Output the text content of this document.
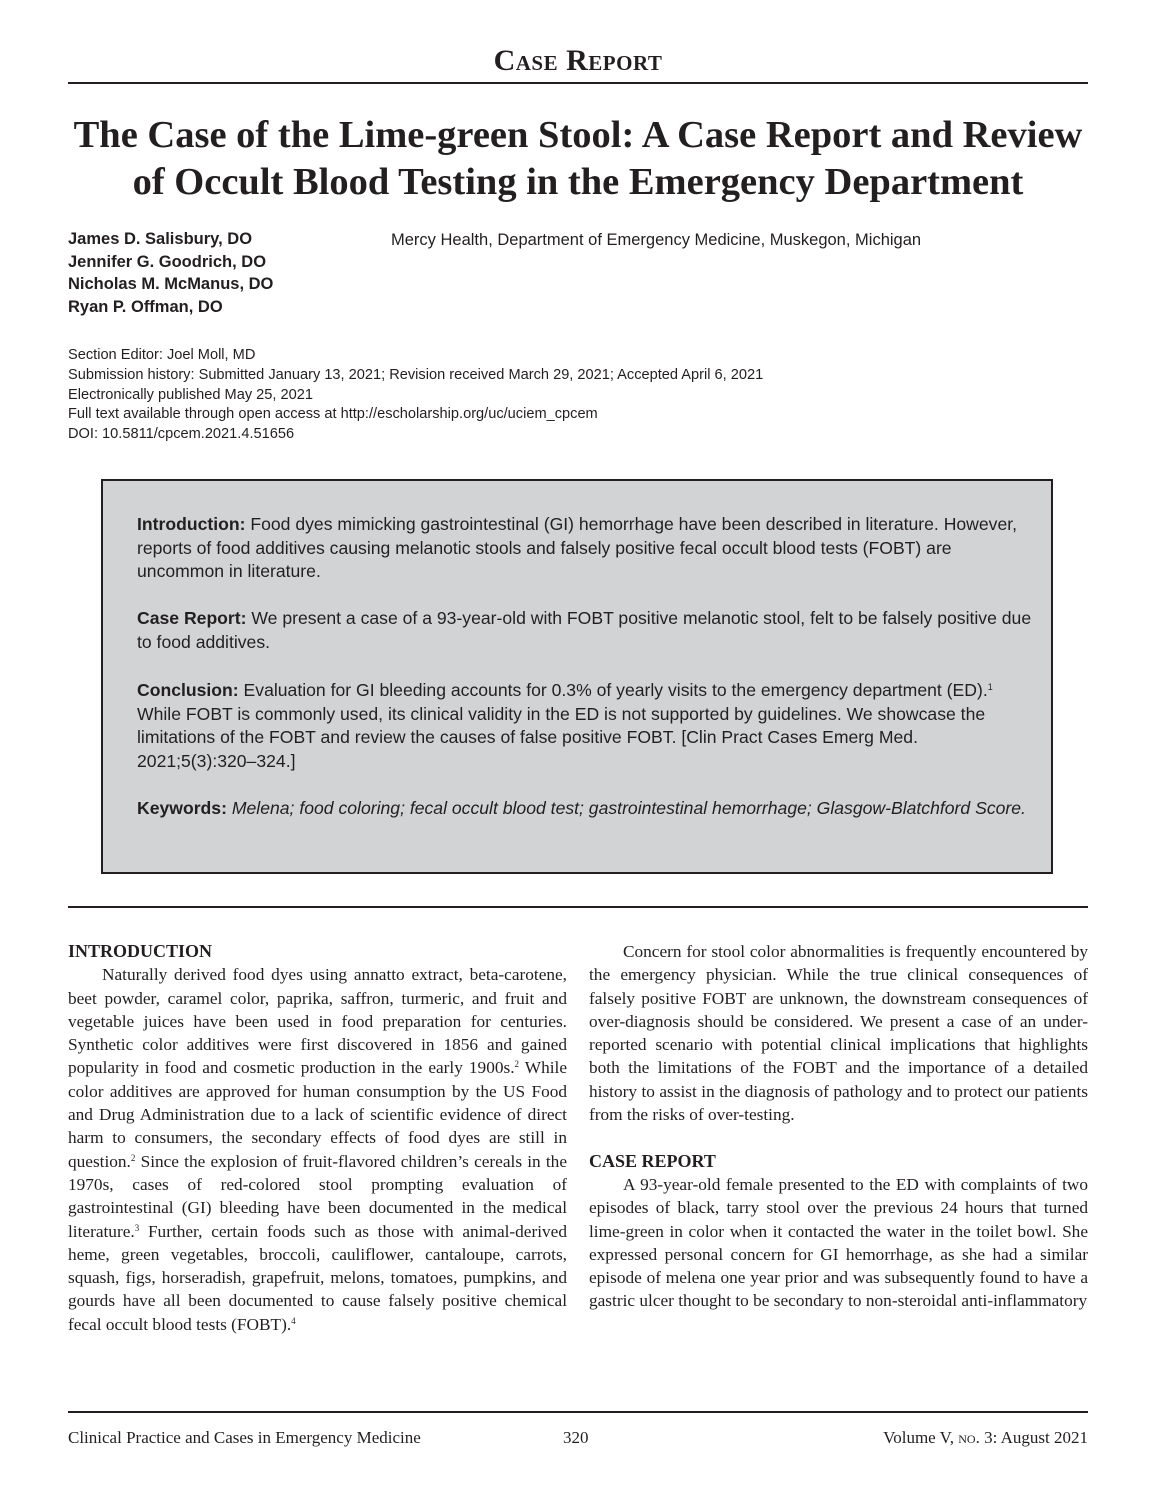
Case Report
The Case of the Lime-green Stool: A Case Report and Review
of Occult Blood Testing in the Emergency Department
James D. Salisbury, DO
Jennifer G. Goodrich, DO
Nicholas M. McManus, DO
Ryan P. Offman, DO
Mercy Health, Department of Emergency Medicine, Muskegon, Michigan
Section Editor: Joel Moll, MD
Submission history: Submitted January 13, 2021; Revision received March 29, 2021; Accepted April 6, 2021
Electronically published May 25, 2021
Full text available through open access at http://escholarship.org/uc/uciem_cpcem
DOI: 10.5811/cpcem.2021.4.51656
Introduction: Food dyes mimicking gastrointestinal (GI) hemorrhage have been described in literature. However, reports of food additives causing melanotic stools and falsely positive fecal occult blood tests (FOBT) are uncommon in literature.
Case Report: We present a case of a 93-year-old with FOBT positive melanotic stool, felt to be falsely positive due to food additives.
Conclusion: Evaluation for GI bleeding accounts for 0.3% of yearly visits to the emergency department (ED).$^1$ While FOBT is commonly used, its clinical validity in the ED is not supported by guidelines. We showcase the limitations of the FOBT and review the causes of false positive FOBT. [Clin Pract Cases Emerg Med. 2021;5(3):320–324.]
Keywords: Melena; food coloring; fecal occult blood test; gastrointestinal hemorrhage; Glasgow-Blatchford Score.

INTRODUCTION

Naturally derived food dyes using annatto extract, beta-carotene, beet powder, caramel color, paprika, saffron, turmeric, and fruit and vegetable juices have been used in food preparation for centuries. Synthetic color additives were first discovered in 1856 and gained popularity in food and cosmetic production in the early 1900s.$^2$ While color additives are approved for human consumption by the US Food and Drug Administration due to a lack of scientific evidence of direct harm to consumers, the secondary effects of food dyes are still in question.$^2$ Since the explosion of fruit-flavored children’s cereals in the 1970s, cases of red-colored stool prompting evaluation of gastrointestinal (GI) bleeding have been documented in the medical literature.$^3$ Further, certain foods such as those with animal-derived heme, green vegetables, broccoli, cauliflower, cantaloupe, carrots, squash, figs, horseradish, grapefruit, melons, tomatoes, pumpkins, and gourds have all been documented to cause falsely positive chemical fecal occult blood tests (FOBT).$^4$

Concern for stool color abnormalities is frequently encountered by the emergency physician. While the true clinical consequences of falsely positive FOBT are unknown, the downstream consequences of over-diagnosis should be considered. We present a case of an under-reported scenario with potential clinical implications that highlights both the limitations of the FOBT and the importance of a detailed history to assist in the diagnosis of pathology and to protect our patients from the risks of over-testing.

CASE REPORT

A 93-year-old female presented to the ED with complaints of two episodes of black, tarry stool over the previous 24 hours that turned lime-green in color when it contacted the water in the toilet bowl. She expressed personal concern for GI hemorrhage, as she had a similar episode of melena one year prior and was subsequently found to have a gastric ulcer thought to be secondary to non-steroidal anti-inflammatory

Clinical Practice and Cases in Emergency Medicine	320	Volume V, no. 3: August 2021
